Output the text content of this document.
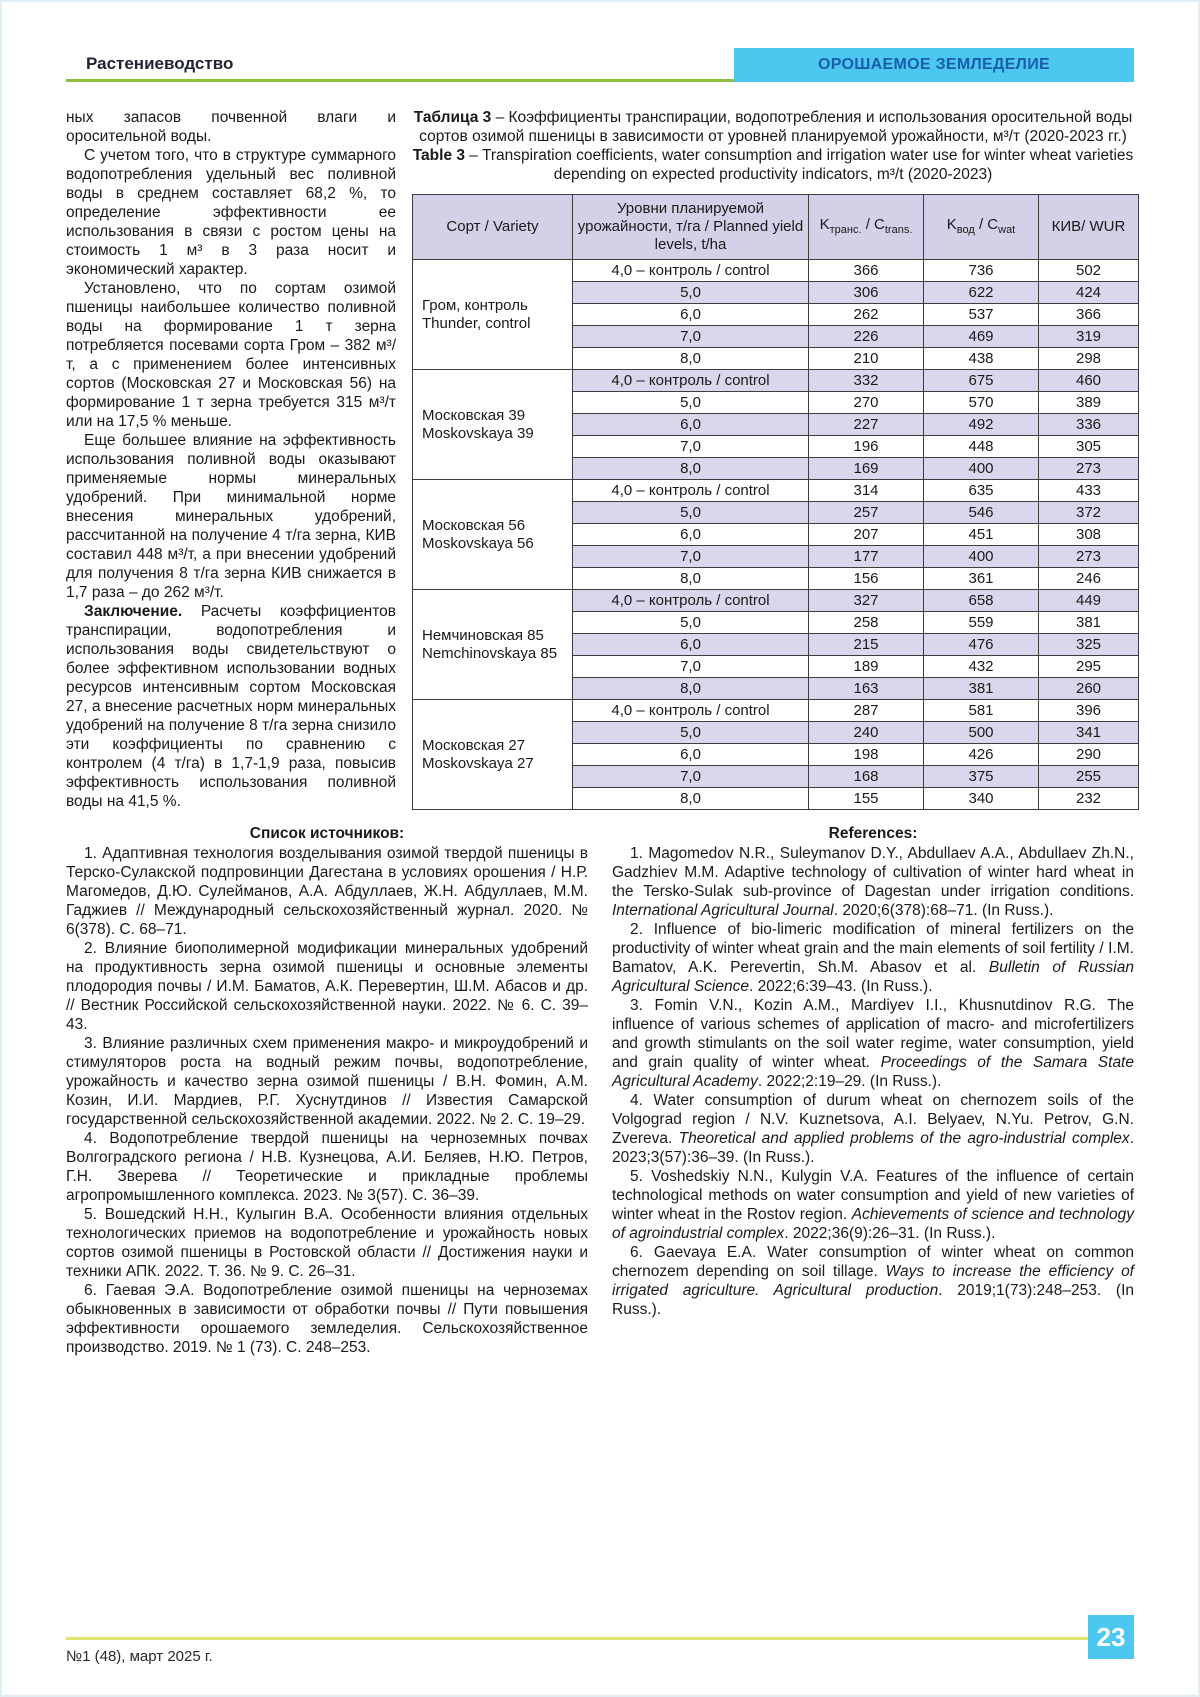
Растениеводство	ОРОШАЕМОЕ ЗЕМЛЕДЕЛИЕ

ных запасов почвенной влаги и оросительной воды.

С учетом того, что в структуре суммарного водопотребления удельный вес поливной воды в среднем составляет 68,2 %, то определение эффективности ее использования в связи с ростом цены на стоимость 1 м³ в 3 раза носит и экономический характер.

Установлено, что по сортам озимой пшеницы наибольшее количество поливной воды на формирование 1 т зерна потребляется посевами сорта Гром – 382 м³/т, а с применением более интенсивных сортов (Московская 27 и Московская 56) на формирование 1 т зерна требуется 315 м³/т или на 17,5 % меньше.

Еще большее влияние на эффективность использования поливной воды оказывают применяемые нормы минеральных удобрений. При минимальной норме внесения минеральных удобрений, рассчитанной на получение 4 т/га зерна, КИВ составил 448 м³/т, а при внесении удобрений для получения 8 т/га зерна КИВ снижается в 1,7 раза – до 262 м³/т.

Заключение. Расчеты коэффициентов транспирации, водопотребления и использования воды свидетельствуют о более эффективном использовании водных ресурсов интенсивным сортом Московская 27, а внесение расчетных норм минеральных удобрений на получение 8 т/га зерна снизило эти коэффициенты по сравнению с контролем (4 т/га) в 1,7-1,9 раза, повысив эффективность использования поливной воды на 41,5 %.

Таблица 3 – Коэффициенты транспирации, водопотребления и использования оросительной воды сортов озимой пшеницы в зависимости от уровней планируемой урожайности, м³/т (2020-2023 гг.)

Table 3 – Transpiration coefficients, water consumption and irrigation water use for winter wheat varieties depending on expected productivity indicators, m³/t (2020-2023)

Сорт / Variety	Уровни планируемой урожайности, т/га / Planned yield levels, t/ha	$K_{транс.} / C_{trans.}$	$K_{вод} / C_{wat}$	КИВ/ WUR
Гром, контроль
Thunder, control	4,0 – контроль / control	366	736	502
	5,0	306	622	424
	6,0	262	537	366
	7,0	226	469	319
	8,0	210	438	298
Московская 39
Moskovskaya 39	4,0 – контроль / control	332	675	460
	5,0	270	570	389
	6,0	227	492	336
	7,0	196	448	305
	8,0	169	400	273
Московская 56
Moskovskaya 56	4,0 – контроль / control	314	635	433
	5,0	257	546	372
	6,0	207	451	308
	7,0	177	400	273
	8,0	156	361	246
Немчиновская 85
Nemchinovskaya 85	4,0 – контроль / control	327	658	449
	5,0	258	559	381
	6,0	215	476	325
	7,0	189	432	295
	8,0	163	381	260
Московская 27
Moskovskaya 27	4,0 – контроль / control	287	581	396
	5,0	240	500	341
	6,0	198	426	290
	7,0	168	375	255
	8,0	155	340	232
Список источников:

1. Адаптивная технология возделывания озимой твердой пшеницы в Терско-Сулакской подпровинции Дагестана в условиях орошения / Н.Р. Магомедов, Д.Ю. Сулейманов, А.А. Абдуллаев, Ж.Н. Абдуллаев, М.М. Гаджиев // Международный сельскохозяйственный журнал. 2020. № 6(378). С. 68–71.

2. Влияние биополимерной модификации минеральных удобрений на продуктивность зерна озимой пшеницы и основные элементы плодородия почвы / И.М. Баматов, А.К. Перевертин, Ш.М. Абасов и др. // Вестник Российской сельскохозяйственной науки. 2022. № 6. С. 39–43.

3. Влияние различных схем применения макро- и микроудобрений и стимуляторов роста на водный режим почвы, водопотребление, урожайность и качество зерна озимой пшеницы / В.Н. Фомин, А.М. Козин, И.И. Мардиев, Р.Г. Хуснутдинов // Известия Самарской государственной сельскохозяйственной академии. 2022. № 2. С. 19–29.

4. Водопотребление твердой пшеницы на черноземных почвах Волгоградского региона / Н.В. Кузнецова, А.И. Беляев, Н.Ю. Петров, Г.Н. Зверева // Теоретические и прикладные проблемы агропромышленного комплекса. 2023. № 3(57). С. 36–39.

5. Вошедский Н.Н., Кулыгин В.А. Особенности влияния отдельных технологических приемов на водопотребление и урожайность новых сортов озимой пшеницы в Ростовской области // Достижения науки и техники АПК. 2022. Т. 36. № 9. С. 26–31.

6. Гаевая Э.А. Водопотребление озимой пшеницы на черноземах обыкновенных в зависимости от обработки почвы // Пути повышения эффективности орошаемого земледелия. Сельскохозяйственное производство. 2019. № 1 (73). С. 248–253.

References:

1. Magomedov N.R., Suleymanov D.Y., Abdullaev A.A., Abdullaev Zh.N., Gadzhiev M.M. Adaptive technology of cultivation of winter hard wheat in the Tersko-Sulak sub-province of Dagestan under irrigation conditions. International Agricultural Journal. 2020;6(378):68–71. (In Russ.).

2. Influence of bio-limeric modification of mineral fertilizers on the productivity of winter wheat grain and the main elements of soil fertility / I.M. Bamatov, A.K. Perevertin, Sh.M. Abasov et al. Bulletin of Russian Agricultural Science. 2022;6:39–43. (In Russ.).

3. Fomin V.N., Kozin A.M., Mardiyev I.I., Khusnutdinov R.G. The influence of various schemes of application of macro- and microfertilizers and growth stimulants on the soil water regime, water consumption, yield and grain quality of winter wheat. Proceedings of the Samara State Agricultural Academy. 2022;2:19–29. (In Russ.).

4. Water consumption of durum wheat on chernozem soils of the Volgograd region / N.V. Kuznetsova, A.I. Belyaev, N.Yu. Petrov, G.N. Zvereva. Theoretical and applied problems of the agro-industrial complex. 2023;3(57):36–39. (In Russ.).

5. Voshedskiy N.N., Kulygin V.A. Features of the influence of certain technological methods on water consumption and yield of new varieties of winter wheat in the Rostov region. Achievements of science and technology of agroindustrial complex. 2022;36(9):26–31. (In Russ.).

6. Gaevaya E.A. Water consumption of winter wheat on common chernozem depending on soil tillage. Ways to increase the efficiency of irrigated agriculture. Agricultural production. 2019;1(73):248–253. (In Russ.).

№1 (48), март 2025 г.
23
